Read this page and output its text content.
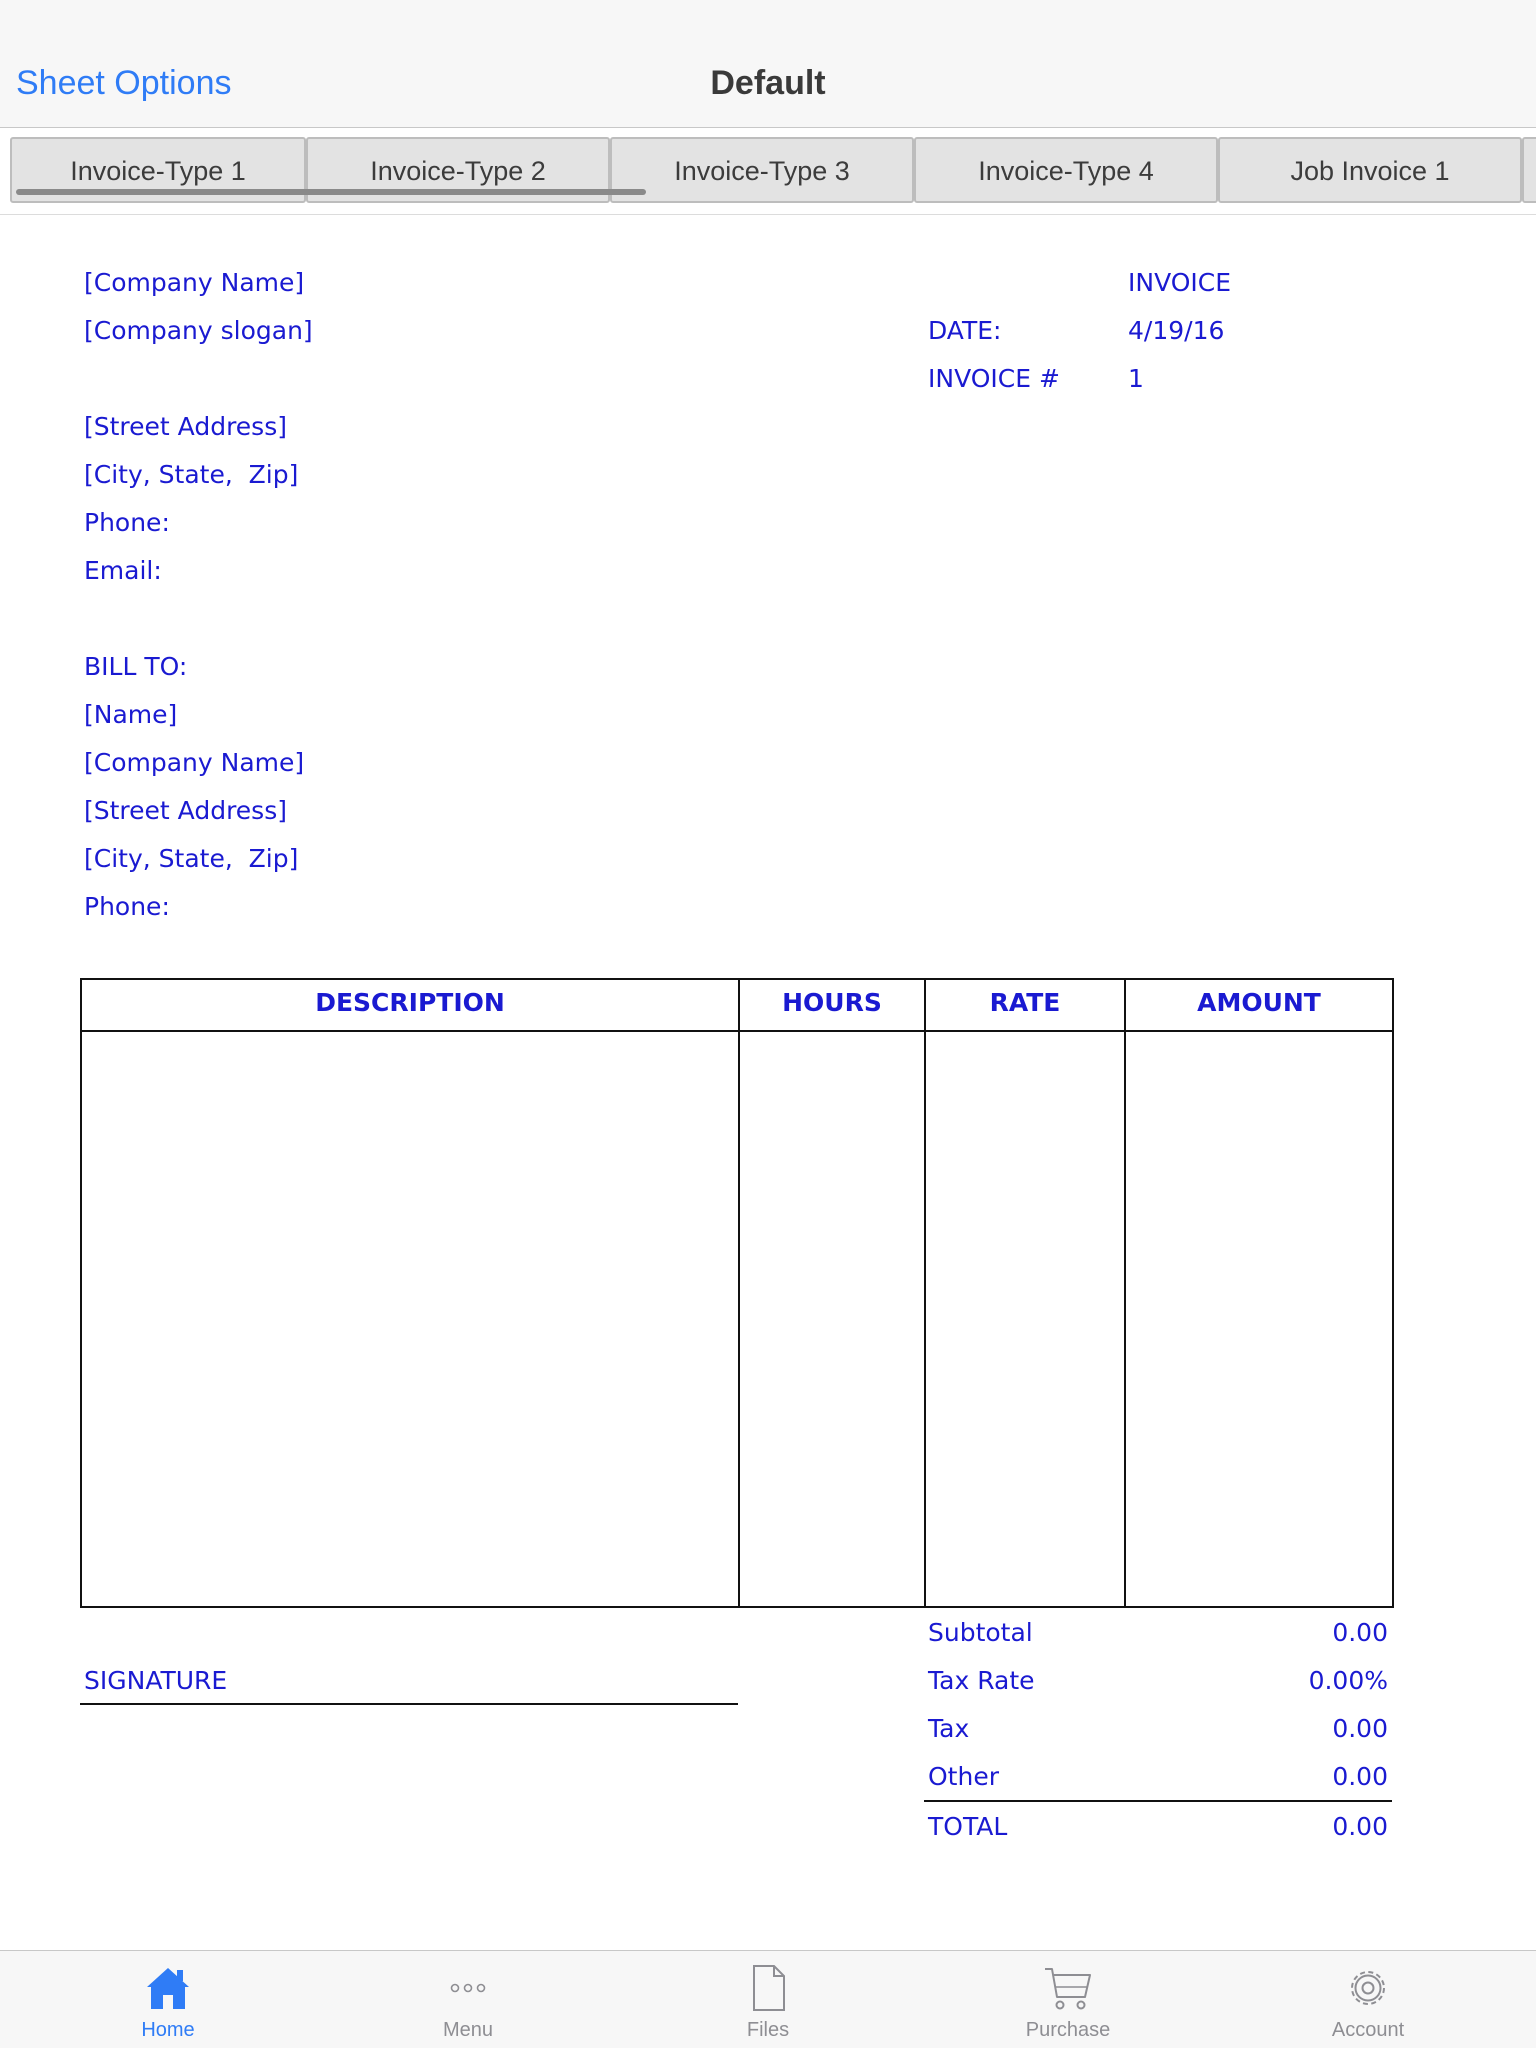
Sheet Options	Default
Invoice-Type 1	Invoice-Type 2	Invoice-Type 3	Invoice-Type 4	Job Invoice 1
[Company Name]
[Company slogan]
[Street Address]
[City, State,  Zip]
Phone:
Email:
INVOICE
DATE:	4/19/16
INVOICE #	1
BILL TO:
[Name]
[Company Name]
[Street Address]
[City, State,  Zip]
Phone:
DESCRIPTION	HOURS	RATE	AMOUNT
SIGNATURE
Subtotal	0.00
Tax Rate	0.00%
Tax	0.00
Other	0.00
TOTAL	0.00
Home	Menu	Files	Purchase	Account
